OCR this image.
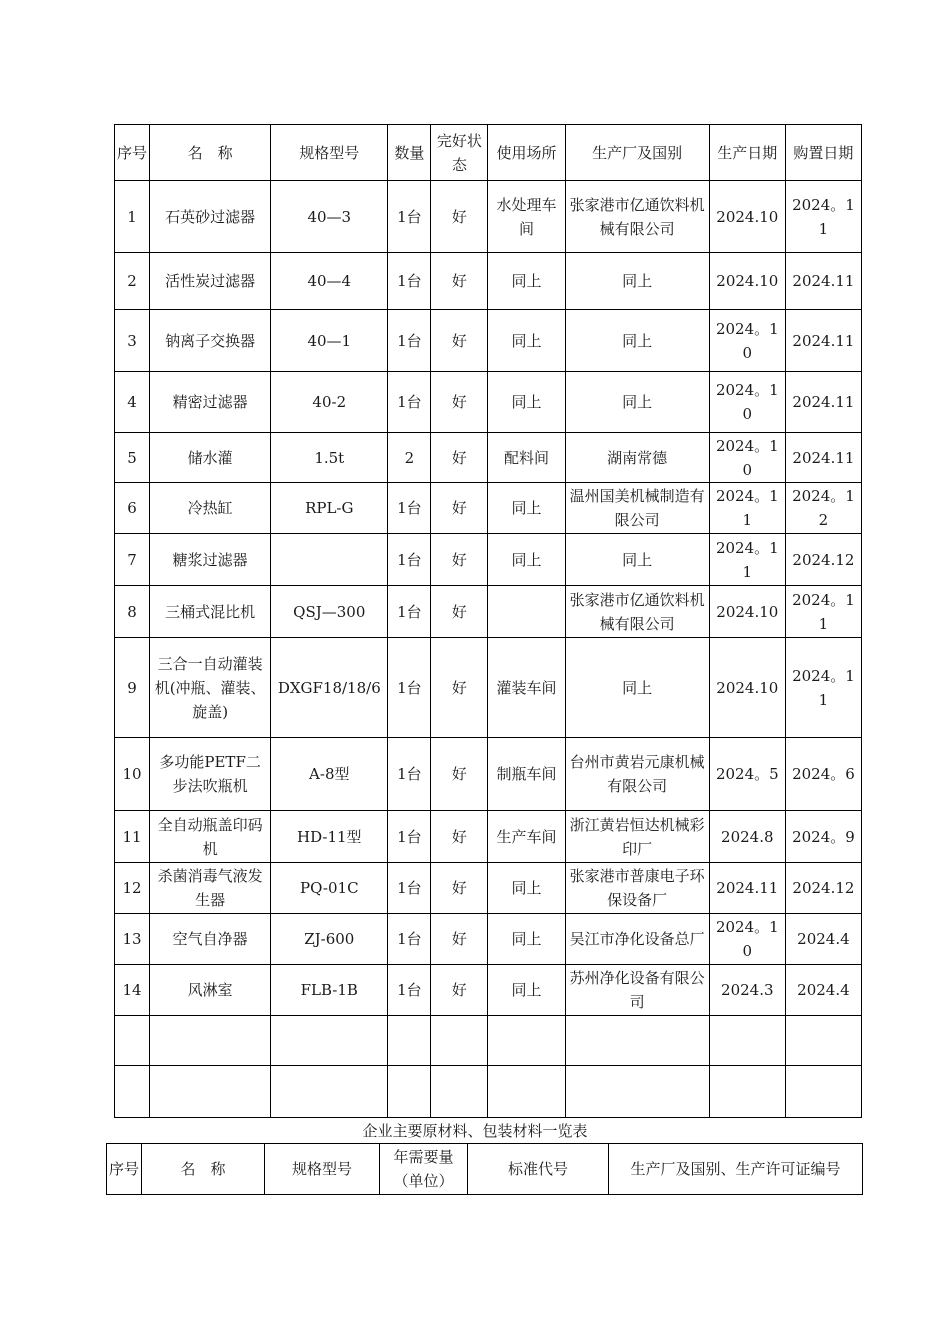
序号	名　称	规格型号	数量	完好状态	使用场所	生产厂及国别	生产日期	购置日期
1	石英砂过滤器	40—3	1台	好	水处理车间	张家港市亿通饮料机械有限公司	2024.10	2024。11
2	活性炭过滤器	40—4	1台	好	同上	同上	2024.10	2024.11
3	钠离子交换器	40—1	1台	好	同上	同上	2024。10	2024.11
4	精密过滤器	40-2	1台	好	同上	同上	2024。10	2024.11
5	储水灌	1.5t	2	好	配料间	湖南常德	2024。10	2024.11
6	冷热缸	RPL-G	1台	好	同上	温州国美机械制造有限公司	2024。11	2024。12
7	糖浆过滤器		1台	好	同上	同上	2024。11	2024.12
8	三桶式混比机	QSJ—300	1台	好		张家港市亿通饮料机械有限公司	2024.10	2024。11
9	三合一自动灌装机(冲瓶、灌装、旋盖)	DXGF18/18/6	1台	好	灌装车间	同上	2024.10	2024。11
10	多功能PETF二步法吹瓶机	A-8型	1台	好	制瓶车间	台州市黄岩元康机械有限公司	2024。5	2024。6
11	全自动瓶盖印码机	HD-11型	1台	好	生产车间	浙江黄岩恒达机械彩印厂	2024.8	2024。9
12	杀菌消毒气液发生器	PQ-01C	1台	好	同上	张家港市普康电子环保设备厂	2024.11	2024.12
13	空气自净器	ZJ-600	1台	好	同上	吴江市净化设备总厂	2024。10	2024.4
14	风淋室	FLB-1B	1台	好	同上	苏州净化设备有限公司	2024.3	2024.4

企业主要原材料、包装材料一览表
序号	名　称	规格型号	年需要量（单位）	标准代号	生产厂及国别、生产许可证编号
